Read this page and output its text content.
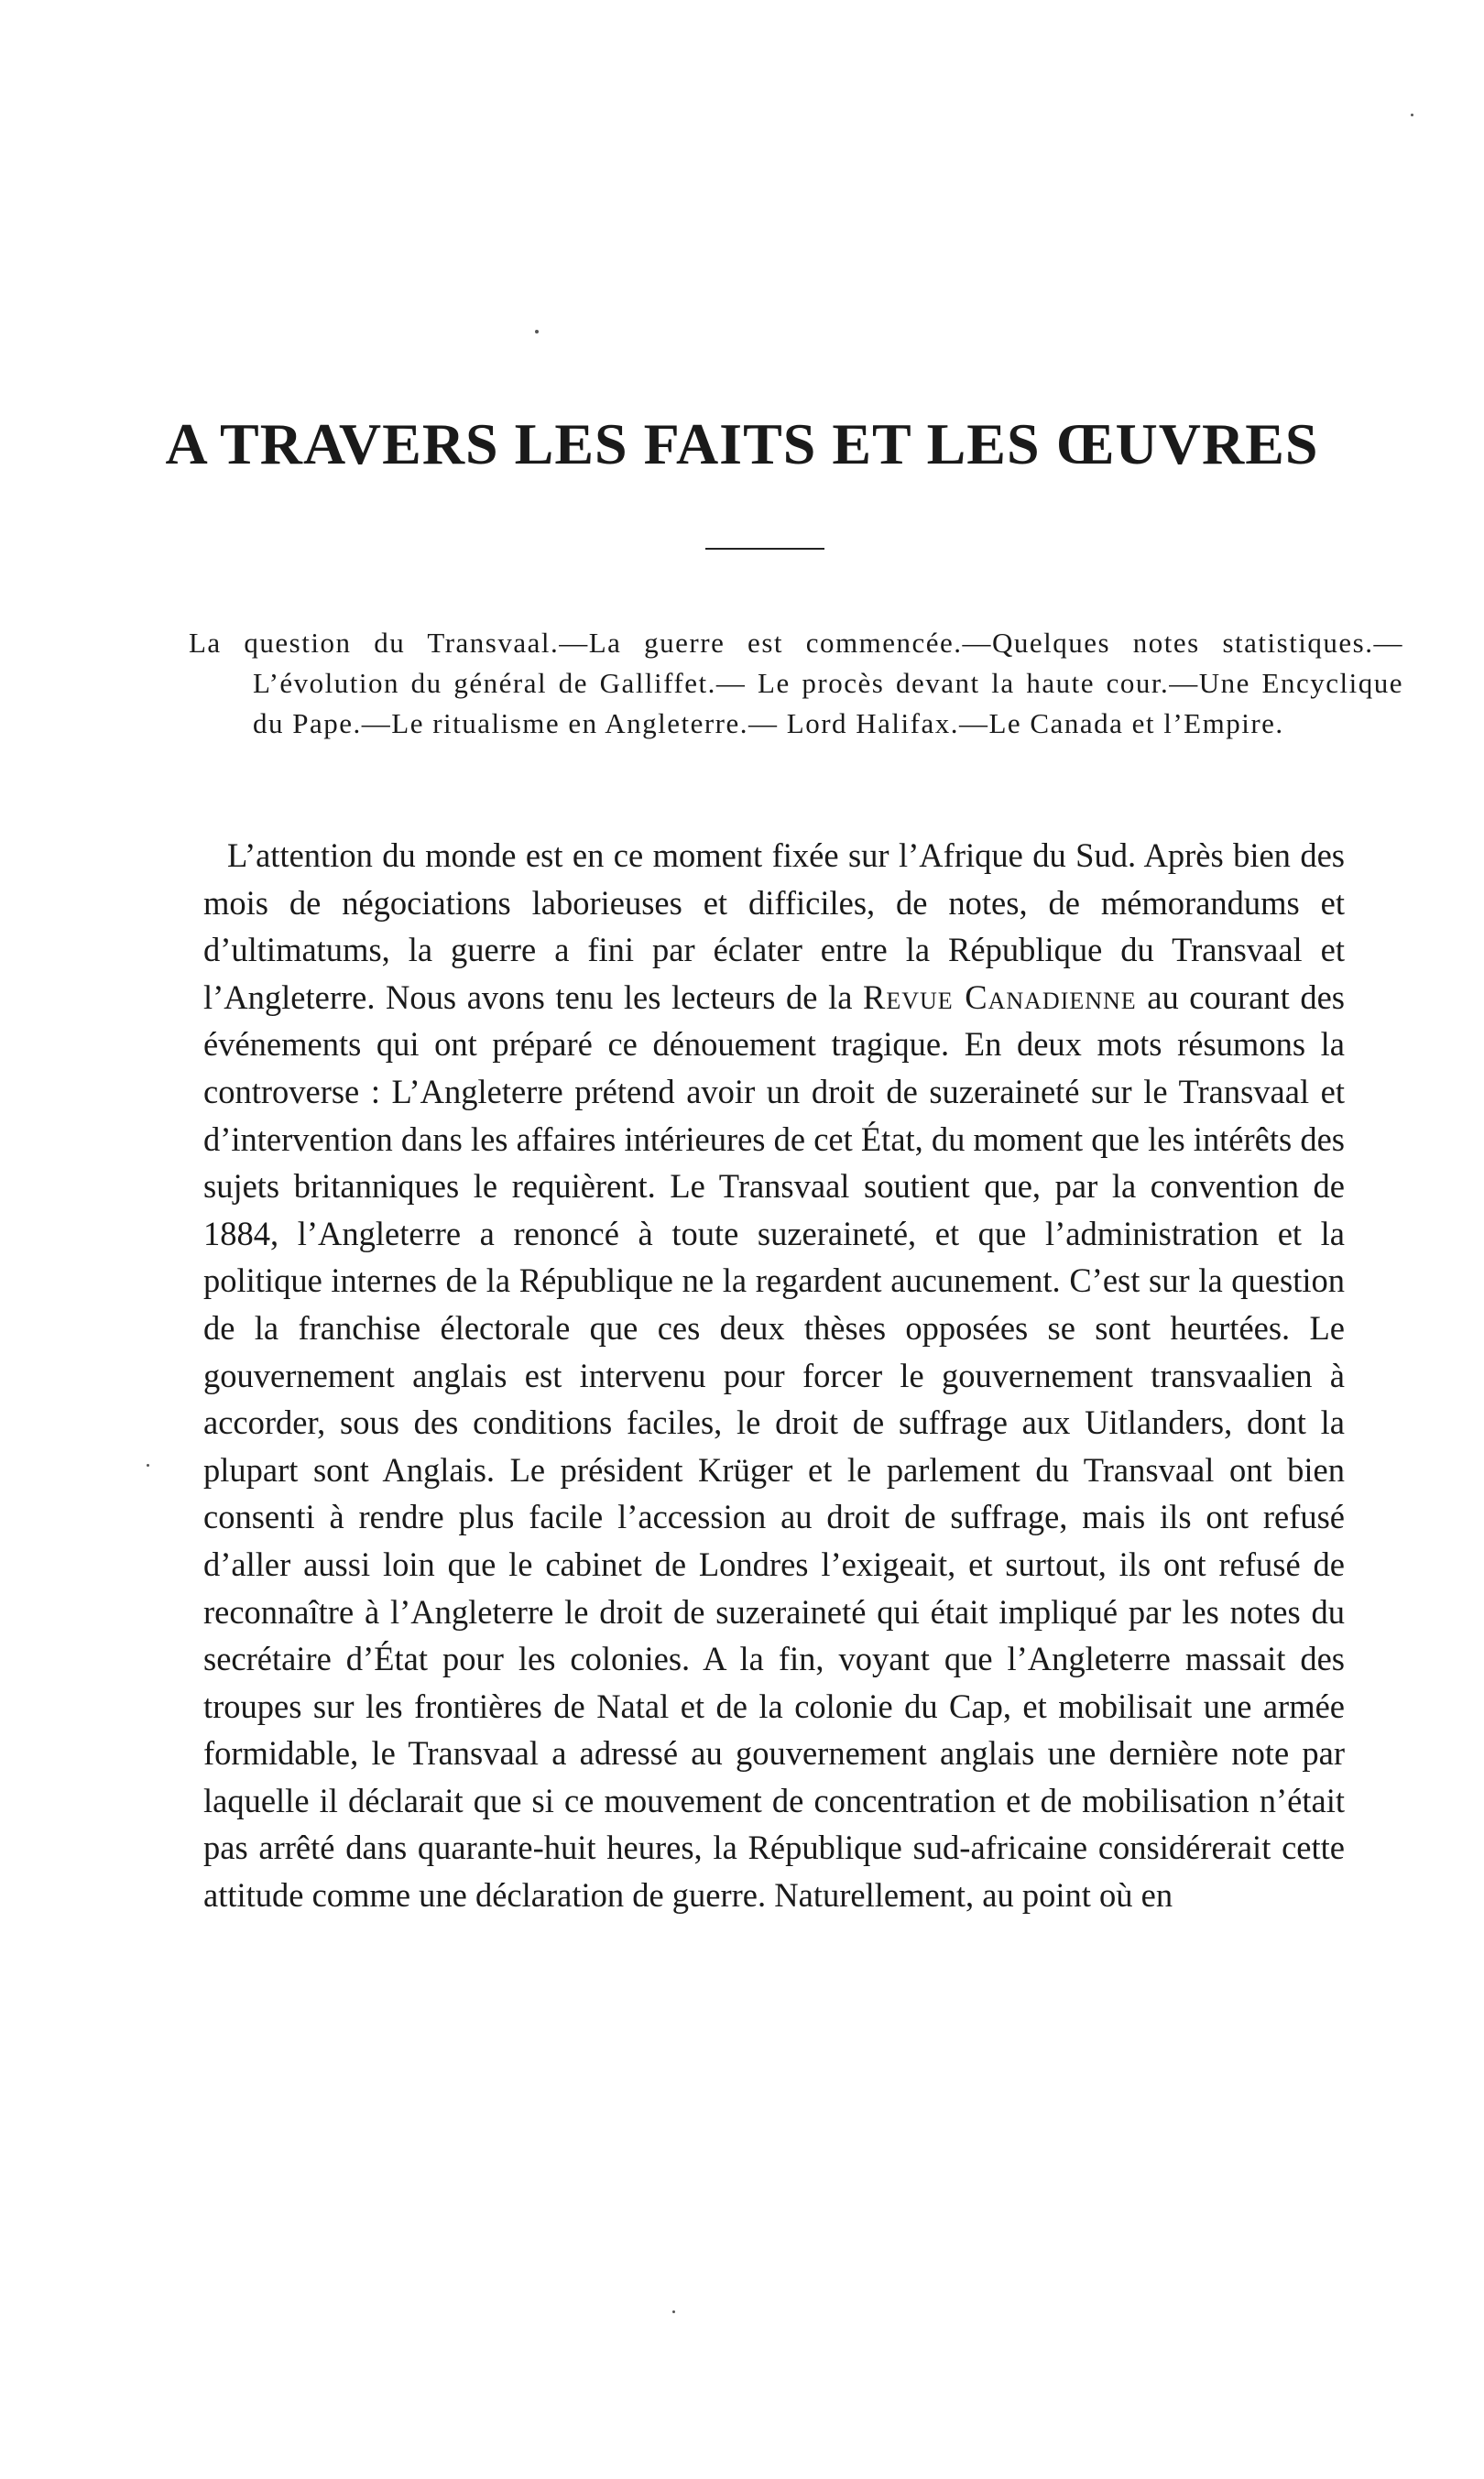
A TRAVERS LES FAITS ET LES ŒUVRES

La question du Transvaal.—La guerre est commencée.—Quelques notes statistiques.— L’évolution du général de Galliffet.— Le procès devant la haute cour.—Une Encyclique du Pape.—Le ritualisme en Angleterre.— Lord Halifax.—Le Canada et l’Empire.

L’attention du monde est en ce moment fixée sur l’Afrique du Sud. Après bien des mois de négociations laborieuses et difficiles, de notes, de mémorandums et d’ultimatums, la guerre a fini par éclater entre la République du Transvaal et l’Angleterre. Nous avons tenu les lecteurs de la Revue Canadienne au courant des événements qui ont préparé ce dénouement tragique. En deux mots résumons la controverse : L’Angleterre prétend avoir un droit de suzeraineté sur le Transvaal et d’intervention dans les affaires intérieures de cet État, du moment que les intérêts des sujets britanniques le requièrent. Le Transvaal soutient que, par la convention de 1884, l’Angleterre a renoncé à toute suzeraineté, et que l’administration et la politique internes de la République ne la regardent aucunement. C’est sur la question de la franchise électorale que ces deux thèses opposées se sont heurtées. Le gouvernement anglais est intervenu pour forcer le gouvernement transvaalien à accorder, sous des conditions faciles, le droit de suffrage aux Uitlanders, dont la plupart sont Anglais. Le président Krüger et le parlement du Transvaal ont bien consenti à rendre plus facile l’accession au droit de suffrage, mais ils ont refusé d’aller aussi loin que le cabinet de Londres l’exigeait, et surtout, ils ont refusé de reconnaître à l’Angleterre le droit de suzeraineté qui était impliqué par les notes du secrétaire d’État pour les colonies. A la fin, voyant que l’Angleterre massait des troupes sur les frontières de Natal et de la colonie du Cap, et mobilisait une armée formidable, le Transvaal a adressé au gouvernement anglais une dernière note par laquelle il déclarait que si ce mouvement de concentration et de mobilisation n’était pas arrêté dans quarante-huit heures, la République sud-africaine considérerait cette attitude comme une déclaration de guerre. Naturellement, au point où en
